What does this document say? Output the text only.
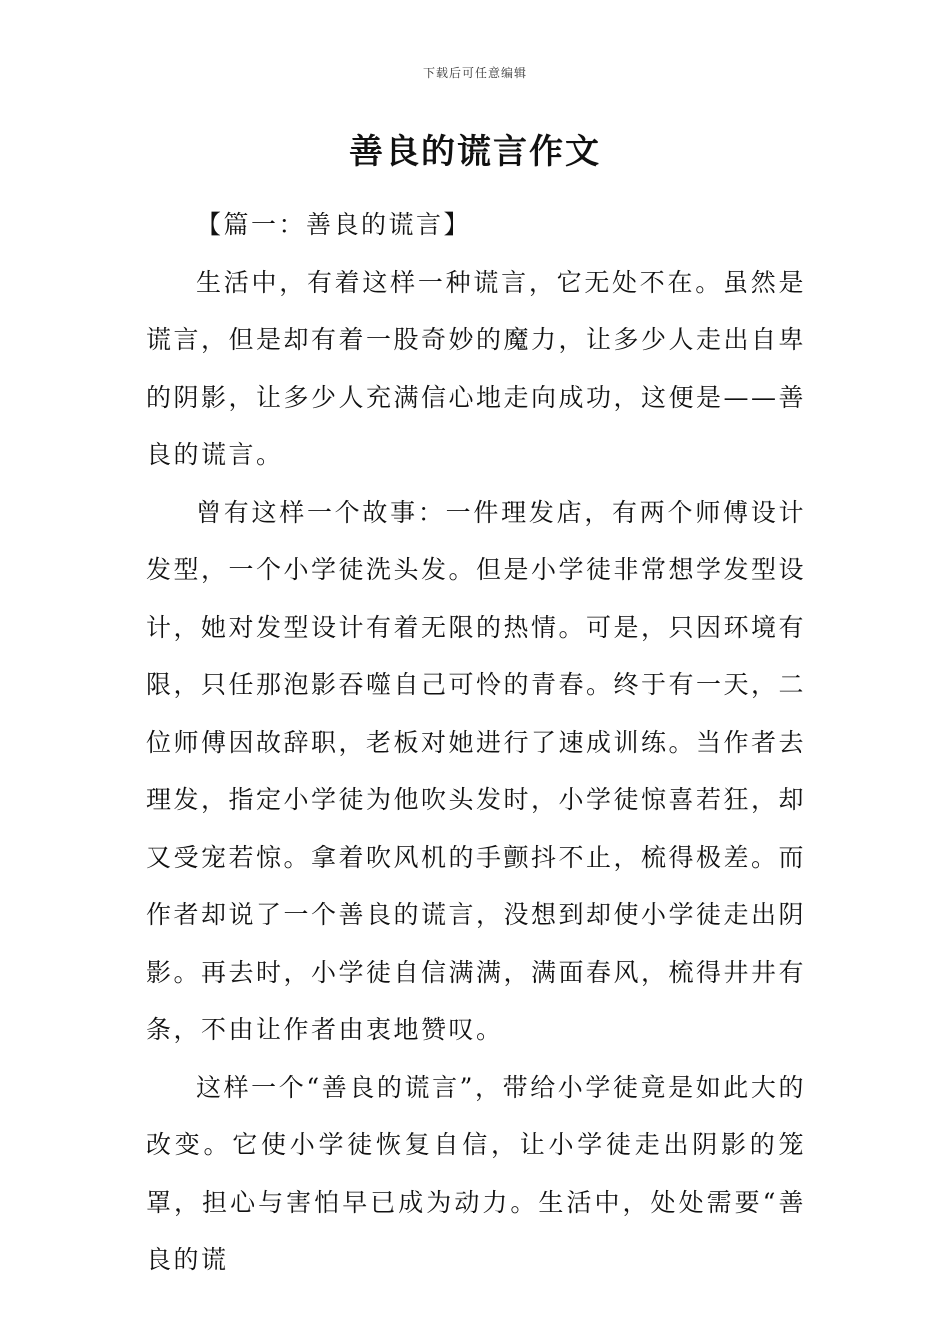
下载后可任意编辑
善良的谎言作文

【篇一：善良的谎言】

生活中，有着这样一种谎言，它无处不在。虽然是谎言，但是却有着一股奇妙的魔力，让多少人走出自卑的阴影，让多少人充满信心地走向成功，这便是——善良的谎言。

曾有这样一个故事：一件理发店，有两个师傅设计发型，一个小学徒洗头发。但是小学徒非常想学发型设计，她对发型设计有着无限的热情。可是，只因环境有限，只任那泡影吞噬自己可怜的青春。终于有一天，二位师傅因故辞职，老板对她进行了速成训练。当作者去理发，指定小学徒为他吹头发时，小学徒惊喜若狂，却又受宠若惊。拿着吹风机的手颤抖不止，梳得极差。而作者却说了一个善良的谎言，没想到却使小学徒走出阴影。再去时，小学徒自信满满，满面春风，梳得井井有条，不由让作者由衷地赞叹。

这样一个“善良的谎言”，带给小学徒竟是如此大的改变。它使小学徒恢复自信，让小学徒走出阴影的笼罩，担心与害怕早已成为动力。生活中，处处需要“善良的谎
